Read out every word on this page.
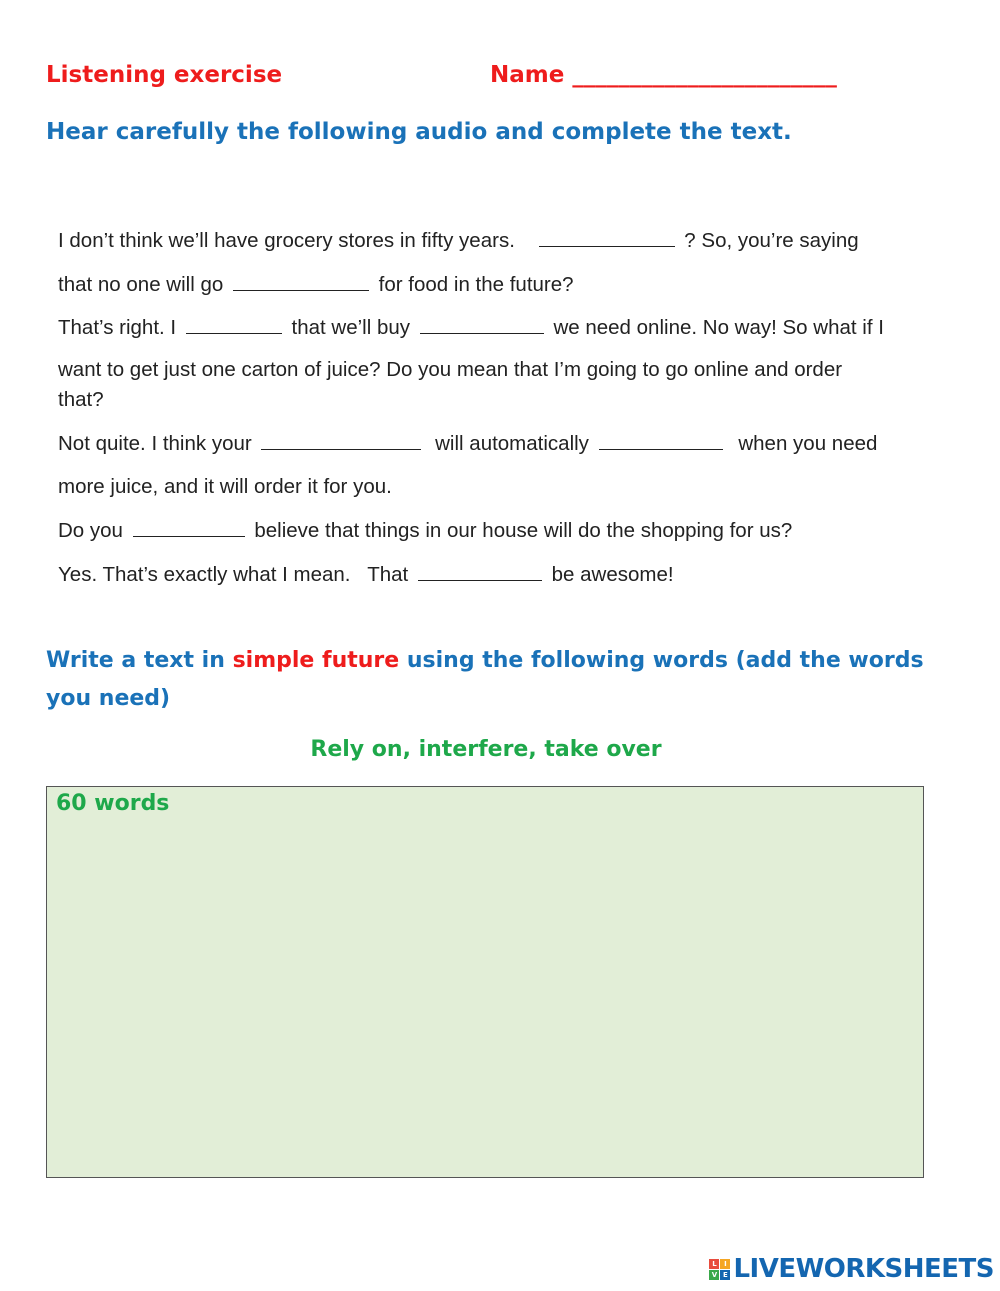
Listening exercise	Name _______________________
Hear carefully the following audio and complete the text.
I don’t think we’ll have grocery stores in fifty years.	? So, you’re saying
that no one will go	for food in the future?
That’s right. I	that we’ll buy	we need online. No way! So what if I
want to get just one carton of juice? Do you mean that I’m going to go online and order
that?
Not quite. I think your	will automatically	when you need
more juice, and it will order it for you.
Do you	believe that things in our house will do the shopping for us?
Yes. That’s exactly what I mean.   That	be awesome!
Write a text in simple future using the following words (add the words
you need)
Rely on, interfere, take over
60 words
L	I
V E LIVEWORKSHEETS
